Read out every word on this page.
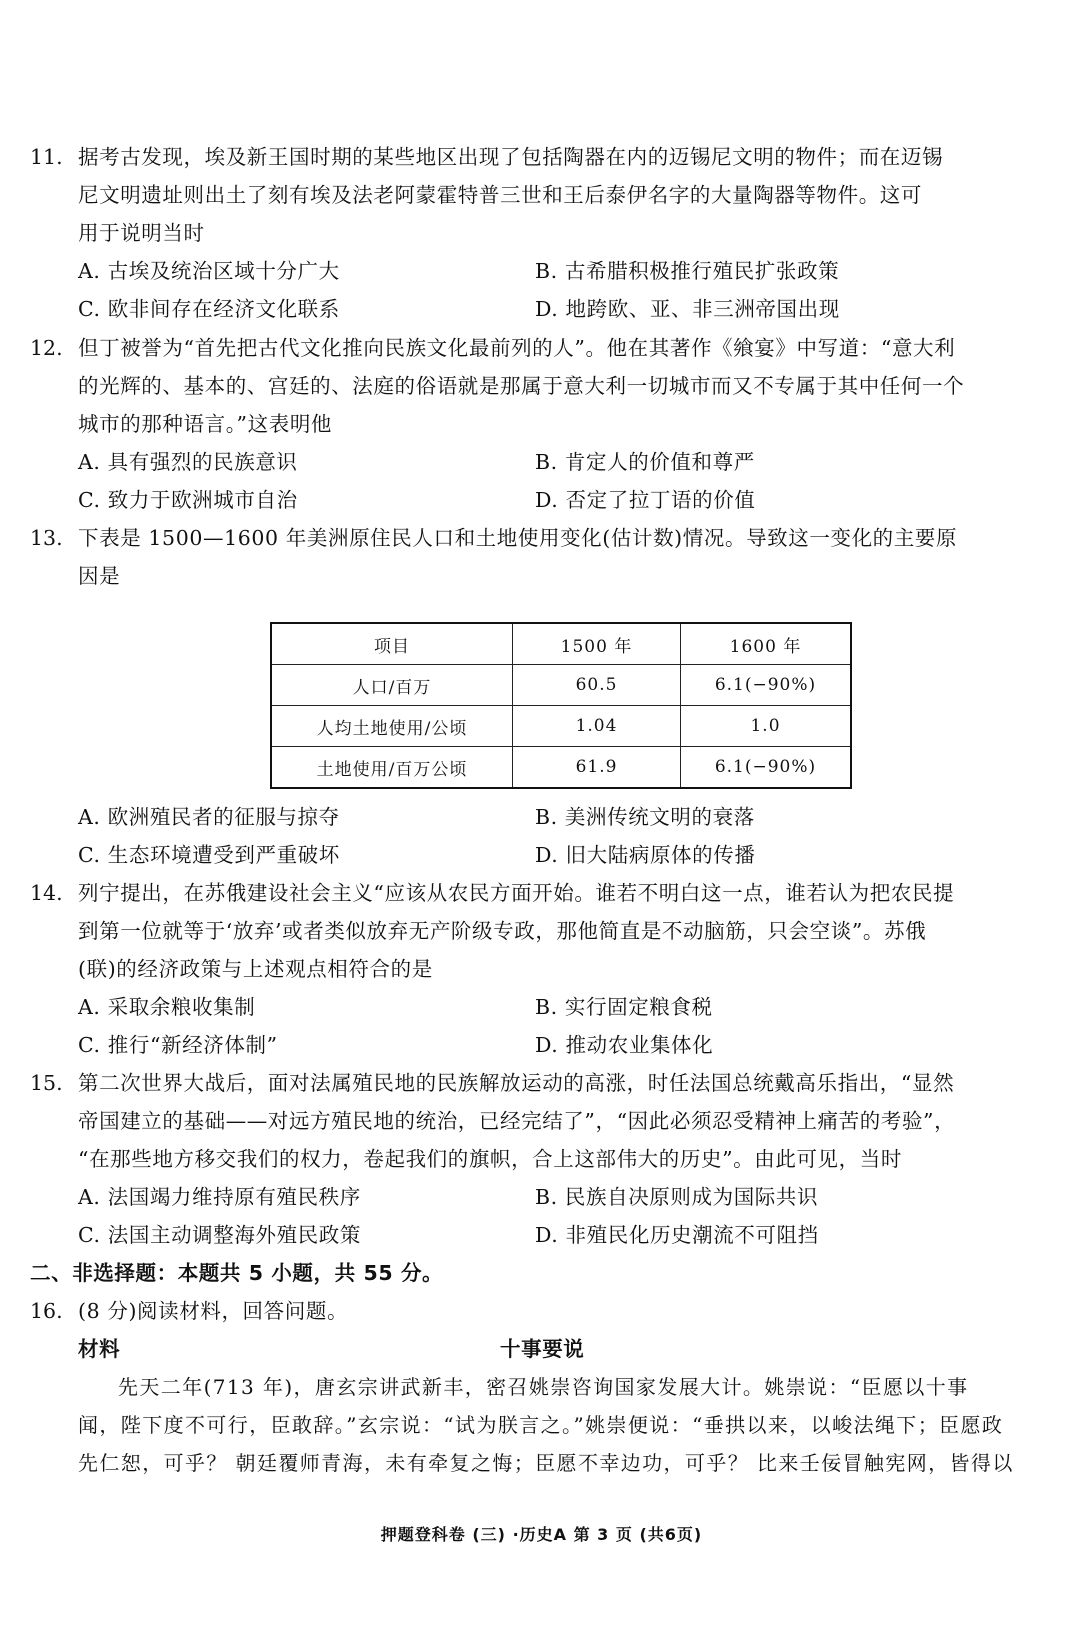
11. 据考古发现，埃及新王国时期的某些地区出现了包括陶器在内的迈锡尼文明的物件；而在迈锡
尼文明遗址则出土了刻有埃及法老阿蒙霍特普三世和王后泰伊名字的大量陶器等物件。这可
用于说明当时
A. 古埃及统治区域十分广大	B. 古希腊积极推行殖民扩张政策
C. 欧非间存在经济文化联系	D. 地跨欧、亚、非三洲帝国出现
12. 但丁被誉为“首先把古代文化推向民族文化最前列的人”。他在其著作《飨宴》中写道：“意大利
的光辉的、基本的、宫廷的、法庭的俗语就是那属于意大利一切城市而又不专属于其中任何一个
城市的那种语言。”这表明他
A. 具有强烈的民族意识	B. 肯定人的价值和尊严
C. 致力于欧洲城市自治	D. 否定了拉丁语的价值
13. 下表是 1500—1600 年美洲原住民人口和土地使用变化(估计数)情况。导致这一变化的主要原
因是
项目	1500 年	1600 年
人口/百万	60.5	6.1(−90%)
人均土地使用/公顷	1.04	1.0
土地使用/百万公顷	61.9	6.1(−90%)
A. 欧洲殖民者的征服与掠夺	B. 美洲传统文明的衰落
C. 生态环境遭受到严重破坏	D. 旧大陆病原体的传播
14. 列宁提出，在苏俄建设社会主义“应该从农民方面开始。谁若不明白这一点，谁若认为把农民提
到第一位就等于‘放弃’或者类似放弃无产阶级专政，那他简直是不动脑筋，只会空谈”。苏俄
(联)的经济政策与上述观点相符合的是
A. 采取余粮收集制	B. 实行固定粮食税
C. 推行“新经济体制”	D. 推动农业集体化
15. 第二次世界大战后，面对法属殖民地的民族解放运动的高涨，时任法国总统戴高乐指出，“显然
帝国建立的基础——对远方殖民地的统治，已经完结了”，“因此必须忍受精神上痛苦的考验”，
“在那些地方移交我们的权力，卷起我们的旗帜，合上这部伟大的历史”。由此可见，当时
A. 法国竭力维持原有殖民秩序	B. 民族自决原则成为国际共识
C. 法国主动调整海外殖民政策	D. 非殖民化历史潮流不可阻挡
二、非选择题：本题共 5 小题，共 55 分。
16. (8 分)阅读材料，回答问题。
材料	十事要说
先天二年(713 年)，唐玄宗讲武新丰，密召姚崇咨询国家发展大计。姚崇说：“臣愿以十事
闻，陛下度不可行，臣敢辞。”玄宗说：“试为朕言之。”姚崇便说：“垂拱以来，以峻法绳下；臣愿政
先仁恕，可乎？ 朝廷覆师青海，未有牵复之悔；臣愿不幸边功，可乎？ 比来壬佞冒触宪网，皆得以
押题登科卷 (三) ·历史A 第 3 页 (共6页)
